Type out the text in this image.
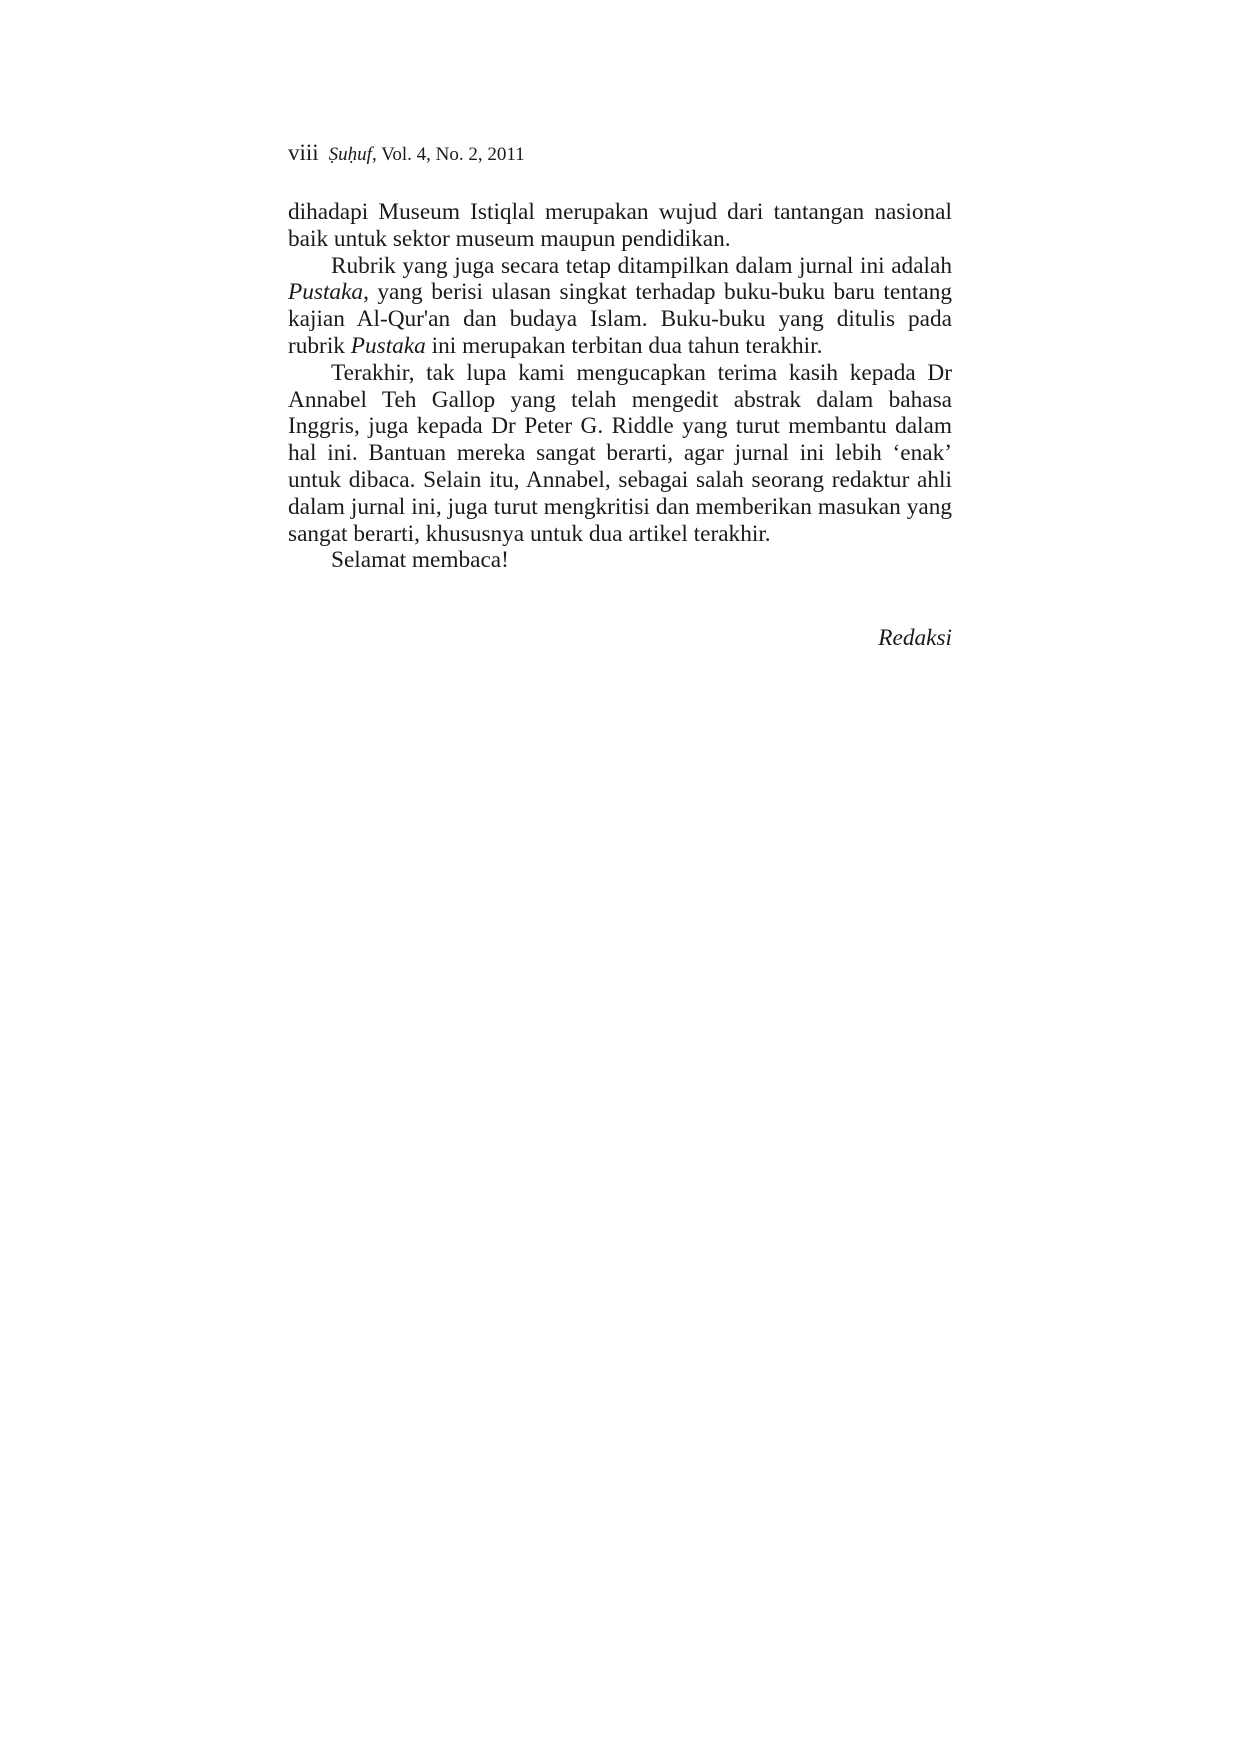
viii Ṣuḥuf, Vol. 4, No. 2, 2011

dihadapi Museum Istiqlal merupakan wujud dari tantangan nasional baik untuk sektor museum maupun pendidikan.

Rubrik yang juga secara tetap ditampilkan dalam jurnal ini adalah Pustaka, yang berisi ulasan singkat terhadap buku-buku baru tentang kajian Al-Qur'an dan budaya Islam. Buku-buku yang ditulis pada rubrik Pustaka ini merupakan terbitan dua tahun terakhir.

Terakhir, tak lupa kami mengucapkan terima kasih kepada Dr Annabel Teh Gallop yang telah mengedit abstrak dalam bahasa Inggris, juga kepada Dr Peter G. Riddle yang turut membantu dalam hal ini. Bantuan mereka sangat berarti, agar jurnal ini lebih ‘enak’ untuk dibaca. Selain itu, Annabel, sebagai salah seorang redaktur ahli dalam jurnal ini, juga turut mengkritisi dan memberikan masukan yang sangat berarti, khususnya untuk dua artikel terakhir.

Selamat membaca!

Redaksi
